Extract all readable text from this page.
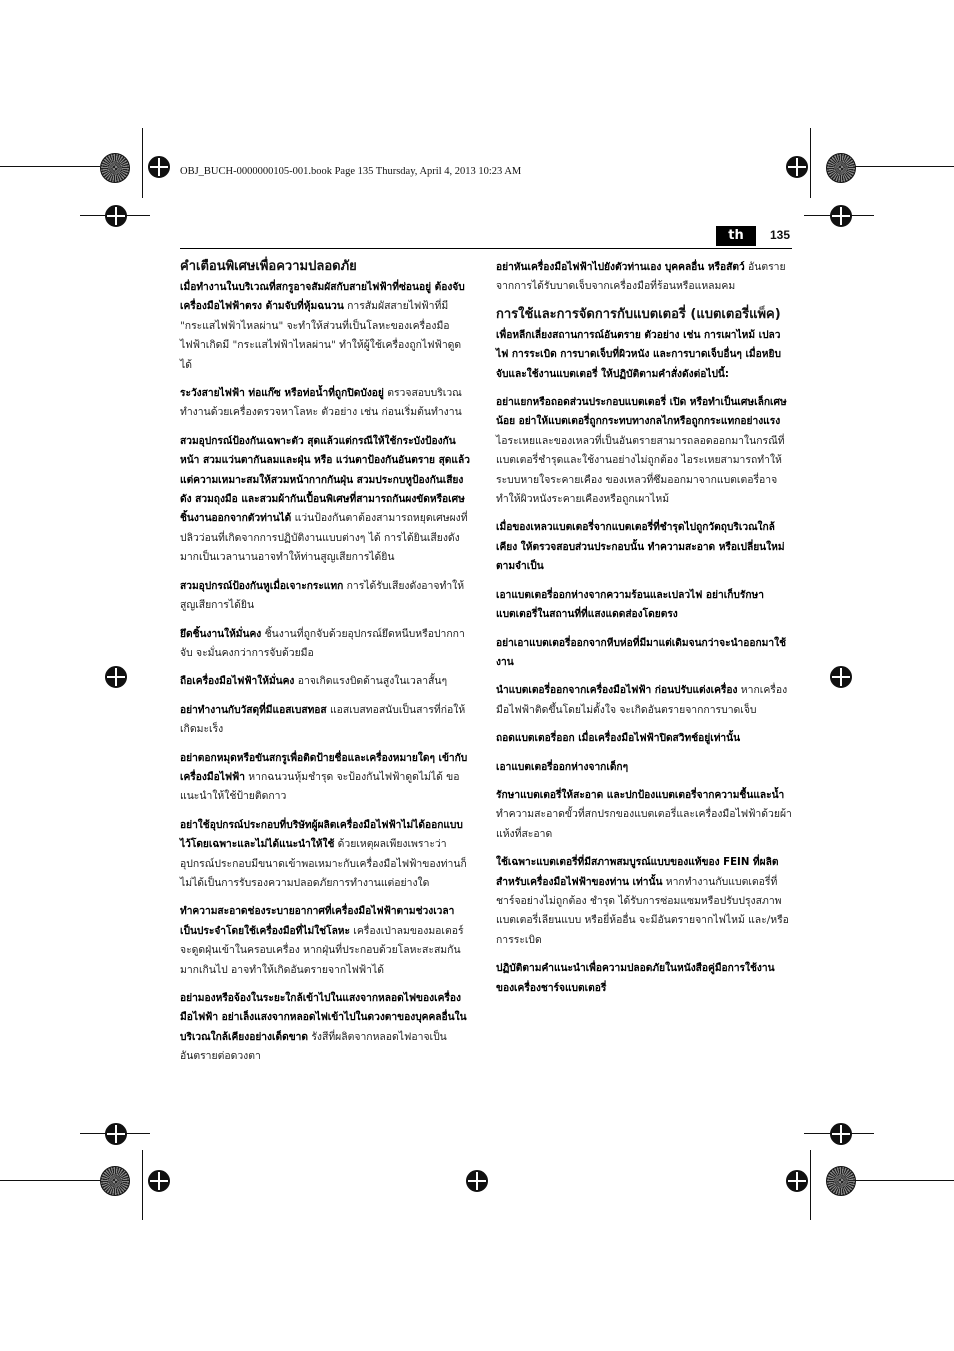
OBJ_BUCH-0000000105-001.book Page 135 Thursday, April 4, 2013 10:23 AM
th	135
คำเตือนพิเศษเพื่อความปลอดภัย

เมื่อทำงานในบริเวณที่สกรูอาจสัมผัสกับสายไฟฟ้าที่ซ่อนอยู่ ต้องจับเครื่องมือไฟฟ้าตรง ด้ามจับที่หุ้มฉนวน การสัมผัสสายไฟฟ้าที่มี "กระแสไฟฟ้าไหลผ่าน" จะทำให้ส่วนที่เป็นโลหะของเครื่องมือไฟฟ้าเกิดมี "กระแสไฟฟ้าไหลผ่าน" ทำให้ผู้ใช้เครื่องถูกไฟฟ้าดูดได้

ระวังสายไฟฟ้า ท่อแก๊ซ หรือท่อน้ำที่ถูกปิดบังอยู่ ตรวจสอบบริเวณทำงานด้วยเครื่องตรวจหาโลหะ ตัวอย่าง เช่น ก่อนเริ่มต้นทำงาน

สวมอุปกรณ์ป้องกันเฉพาะตัว สุดแล้วแต่กรณีให้ใช้กระบังป้องกันหน้า สวมแว่นตากันลมและฝุ่น หรือ แว่นตาป้องกันอันตราย สุดแล้วแต่ความเหมาะสมให้สวมหน้ากากกันฝุ่น สวมประกบหูป้องกันเสียงดัง สวมถุงมือ และสวมผ้ากันเปื้อนพิเศษที่สามารถกันผงขัดหรือเศษชิ้นงานออกจากตัวท่านได้ แว่นป้องกันตาต้องสามารถหยุดเศษผงที่ปลิวว่อนที่เกิดจากการปฏิบัติงานแบบต่างๆ ได้ การได้ยินเสียงดังมากเป็นเวลานานอาจทำให้ท่านสูญเสียการได้ยิน

สวมอุปกรณ์ป้องกันหูเมื่อเจาะกระแทก การได้รับเสียงดังอาจทำให้สูญเสียการได้ยิน

ยึดชิ้นงานให้มั่นคง ชิ้นงานที่ถูกจับด้วยอุปกรณ์ยึดหนีบหรือปากกาจับ จะมั่นคงกว่าการจับด้วยมือ

ถือเครื่องมือไฟฟ้าให้มั่นคง อาจเกิดแรงบิดด้านสูงในเวลาสั้นๆ

อย่าทำงานกับวัสดุที่มีแอสเบสทอส แอสเบสทอสนับเป็นสารที่ก่อให้เกิดมะเร็ง

อย่าตอกหมุดหรือขันสกรูเพื่อติดป้ายชื่อและเครื่องหมายใดๆ เข้ากับเครื่องมือไฟฟ้า หากฉนวนหุ้มชำรุด จะป้องกันไฟฟ้าดูดไม่ได้ ขอแนะนำให้ใช้ป้ายติดกาว

อย่าใช้อุปกรณ์ประกอบที่บริษัทผู้ผลิตเครื่องมือไฟฟ้าไม่ได้ออกแบบไว้โดยเฉพาะและไม่ได้แนะนำให้ใช้ ด้วยเหตุผลเพียงเพราะว่าอุปกรณ์ประกอบมีขนาดเข้าพอเหมาะกับเครื่องมือไฟฟ้าของท่านก็ไม่ได้เป็นการรับรองความปลอดภัยการทำงานแต่อย่างใด

ทำความสะอาดช่องระบายอากาศที่เครื่องมือไฟฟ้าตามช่วงเวลาเป็นประจำโดยใช้เครื่องมือที่ไม่ใช่โลหะ เครื่องเป่าลมของมอเตอร์จะดูดฝุ่นเข้าในครอบเครื่อง หากฝุ่นที่ประกอบด้วยโลหะสะสมกันมากเกินไป อาจทำให้เกิดอันตรายจากไฟฟ้าได้

อย่ามองหรือจ้องในระยะใกล้เข้าไปในแสงจากหลอดไฟของเครื่องมือไฟฟ้า อย่าเล็งแสงจากหลอดไฟเข้าไปในดวงตาของบุคคลอื่นในบริเวณใกล้เคียงอย่างเด็ดขาด รังสีที่ผลิตจากหลอดไฟอาจเป็นอันตรายต่อดวงตา

อย่าหันเครื่องมือไฟฟ้าไปยังตัวท่านเอง บุคคลอื่น หรือสัตว์ อันตรายจากการได้รับบาดเจ็บจากเครื่องมือที่ร้อนหรือแหลมคม

การใช้และการจัดการกับแบตเตอรี่ (แบตเตอรี่แพ็ค)

เพื่อหลีกเลี่ยงสถานการณ์อันตราย ตัวอย่าง เช่น การเผาไหม้ เปลวไฟ การระเบิด การบาดเจ็บที่ผิวหนัง และการบาดเจ็บอื่นๆ เมื่อหยิบจับและใช้งานแบตเตอรี่ ให้ปฏิบัติตามคำสั่งดังต่อไปนี้:

อย่าแยกหรือถอดส่วนประกอบแบตเตอรี่ เปิด หรือทำเป็นเศษเล็กเศษน้อย อย่าให้แบตเตอรี่ถูกกระทบทางกลไกหรือถูกกระแทกอย่างแรง ไอระเหยและของเหลวที่เป็นอันตรายสามารถลอดออกมาในกรณีที่แบตเตอรี่ชำรุดและใช้งานอย่างไม่ถูกต้อง ไอระเหยสามารถทำให้ระบบหายใจระคายเคือง ของเหลวที่ซึมออกมาจากแบตเตอรี่อาจทำให้ผิวหนังระคายเคืองหรือถูกเผาไหม้

เมื่อของเหลวแบตเตอรี่จากแบตเตอรี่ที่ชำรุดไปถูกวัตถุบริเวณใกล้เคียง ให้ตรวจสอบส่วนประกอบนั้น ทำความสะอาด หรือเปลี่ยนใหม่ ตามจำเป็น

เอาแบตเตอรี่ออกห่างจากความร้อนและเปลวไฟ อย่าเก็บรักษาแบตเตอรี่ในสถานที่ที่แสงแดดส่องโดยตรง

อย่าเอาแบตเตอรี่ออกจากหีบห่อที่มีมาแต่เดิมจนกว่าจะนำออกมาใช้งาน

นำแบตเตอรี่ออกจากเครื่องมือไฟฟ้า ก่อนปรับแต่งเครื่อง หากเครื่องมือไฟฟ้าติดขึ้นโดยไม่ตั้งใจ จะเกิดอันตรายจากการบาดเจ็บ

ถอดแบตเตอรี่ออก เมื่อเครื่องมือไฟฟ้าปิดสวิทช์อยู่เท่านั้น

เอาแบตเตอรี่ออกห่างจากเด็กๆ

รักษาแบตเตอรี่ให้สะอาด และปกป้องแบตเตอรี่จากความชื้นและน้ำ ทำความสะอาดขั้วที่สกปรกของแบตเตอรี่และเครื่องมือไฟฟ้าด้วยผ้าแห้งที่สะอาด

ใช้เฉพาะแบตเตอรี่ที่มีสภาพสมบูรณ์แบบของแท้ของ FEIN ที่ผลิตสำหรับเครื่องมือไฟฟ้าของท่าน เท่านั้น หากทำงานกับแบตเตอรี่ที่ชาร์จอย่างไม่ถูกต้อง ชำรุด ได้รับการซ่อมแซมหรือปรับปรุงสภาพ แบตเตอรี่เลียนแบบ หรือยี่ห้ออื่น จะมีอันตรายจากไฟไหม้ และ/หรือ การระเบิด

ปฏิบัติตามคำแนะนำเพื่อความปลอดภัยในหนังสือคู่มือการใช้งานของเครื่องชาร์จแบตเตอรี่
